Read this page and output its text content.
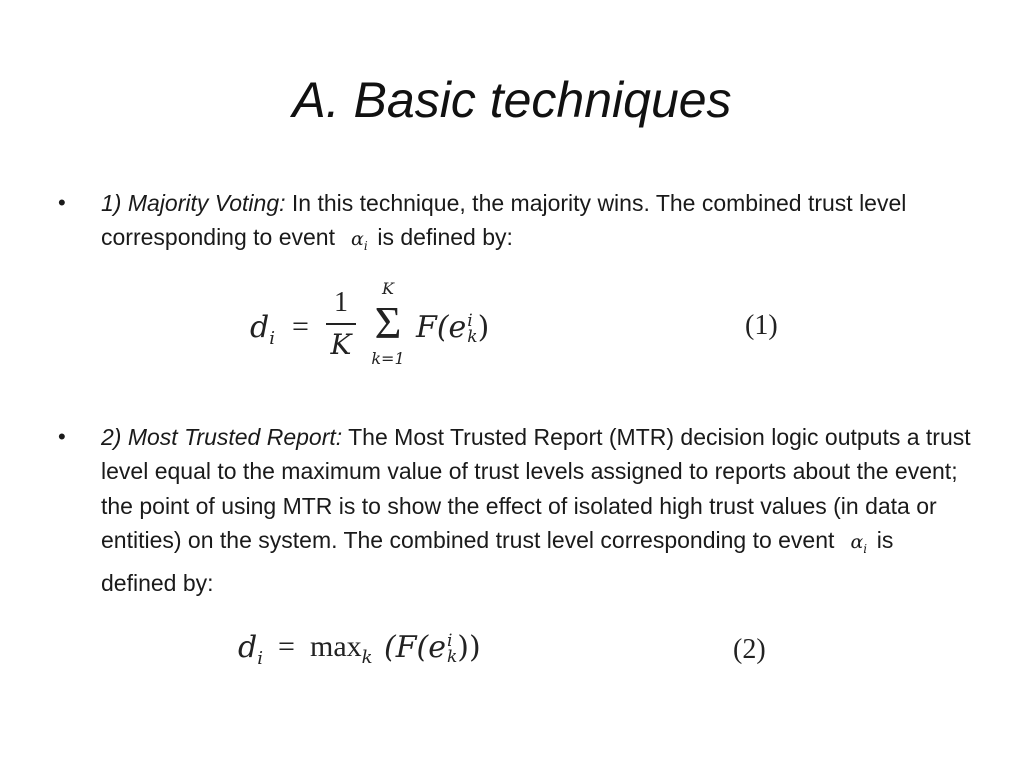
A. Basic techniques
• 1) Majority Voting: In this technique, the majority wins. The combined trust level corresponding to event $\alpha_i$ is defined by:
$d_i$ =
1
K
K
Σ
k=1
F(e i
k )	(1)
• 2) Most Trusted Report: The Most Trusted Report (MTR) decision logic outputs a trust level equal to the maximum value of trust levels assigned to reports about the event; the point of using MTR is to show the effect of isolated high trust values (in data or entities) on the system. The combined trust level corresponding to event $\alpha_i$ is defined by:
$d_i = \max_k (F(e$ i
k ))	(2)
